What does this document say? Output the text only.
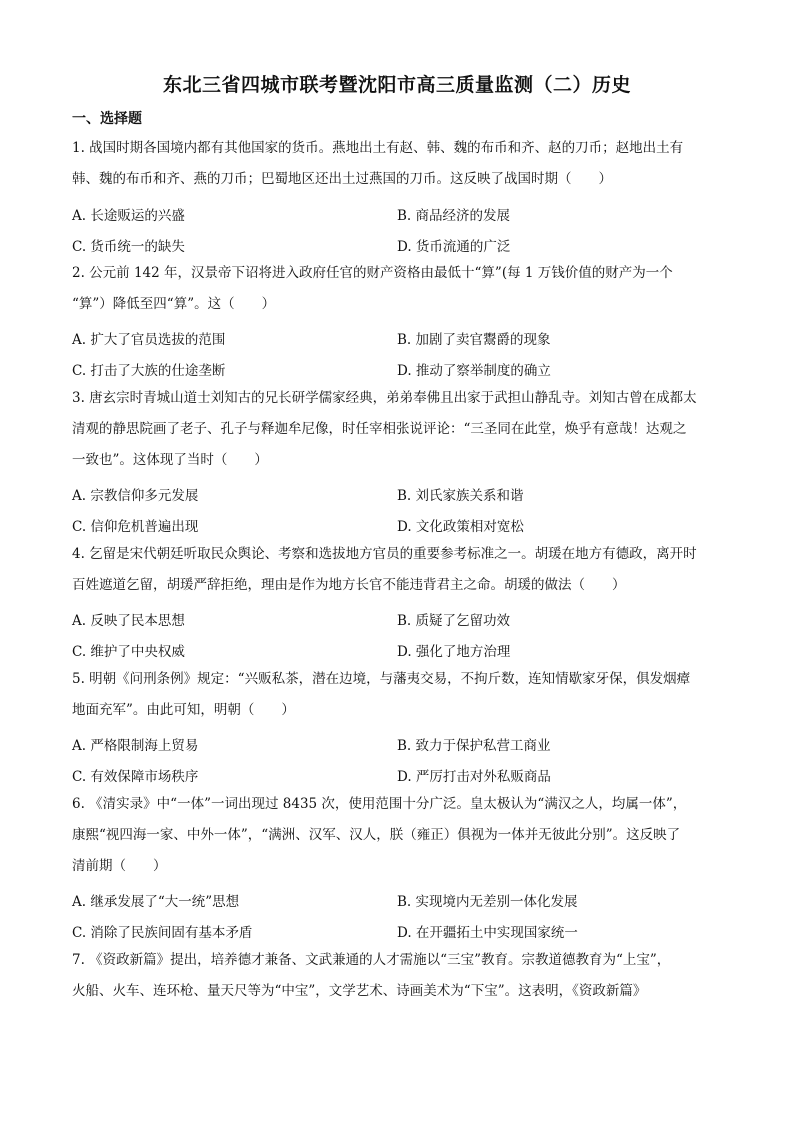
东北三省四城市联考暨沈阳市高三质量监测（二）历史
一、选择题
1. 战国时期各国境内都有其他国家的货币。燕地出土有赵、韩、魏的布币和齐、赵的刀币；赵地出土有
韩、魏的布币和齐、燕的刀币；巴蜀地区还出土过燕国的刀币。这反映了战国时期（　　）
A. 长途贩运的兴盛	B. 商品经济的发展
C. 货币统一的缺失	D. 货币流通的广泛
2. 公元前 142 年，汉景帝下诏将进入政府任官的财产资格由最低十“算”(每 1 万钱价值的财产为一个
“算”）降低至四“算”。这（　　）
A. 扩大了官员选拔的范围	B. 加剧了卖官鬻爵的现象
C. 打击了大族的仕途垄断	D. 推动了察举制度的确立
3. 唐玄宗时青城山道士刘知古的兄长研学儒家经典，弟弟奉佛且出家于武担山静乱寺。刘知古曾在成都太
清观的静思院画了老子、孔子与释迦牟尼像，时任宰相张说评论：“三圣同在此堂，焕乎有意哉！达观之
一致也”。这体现了当时（　　）
A. 宗教信仰多元发展	B. 刘氏家族关系和谐
C. 信仰危机普遍出现	D. 文化政策相对宽松
4. 乞留是宋代朝廷听取民众舆论、考察和选拔地方官员的重要参考标准之一。胡瑗在地方有德政，离开时
百姓遮道乞留，胡瑗严辞拒绝，理由是作为地方长官不能违背君主之命。胡瑗的做法（　　）
A. 反映了民本思想	B. 质疑了乞留功效
C. 维护了中央权威	D. 强化了地方治理
5. 明朝《问刑条例》规定：“兴贩私茶，潜在边境，与藩夷交易，不拘斤数，连知情歇家牙保，俱发烟瘴
地面充军”。由此可知，明朝（　　）
A. 严格限制海上贸易	B. 致力于保护私营工商业
C. 有效保障市场秩序	D. 严厉打击对外私贩商品
6. 《清实录》中“一体”一词出现过 8435 次，使用范围十分广泛。皇太极认为“满汉之人，均属一体”，
康熙“视四海一家、中外一体”，“满洲、汉军、汉人，朕（雍正）俱视为一体并无彼此分别”。这反映了
清前期（　　）
A. 继承发展了“大一统”思想	B. 实现境内无差别一体化发展
C. 消除了民族间固有基本矛盾	D. 在开疆拓土中实现国家统一
7. 《资政新篇》提出，培养德才兼备、文武兼通的人才需施以“三宝”教育。宗教道德教育为“上宝”，
火船、火车、连环枪、量天尺等为“中宝”，文学艺术、诗画美术为“下宝”。这表明，《资政新篇》
